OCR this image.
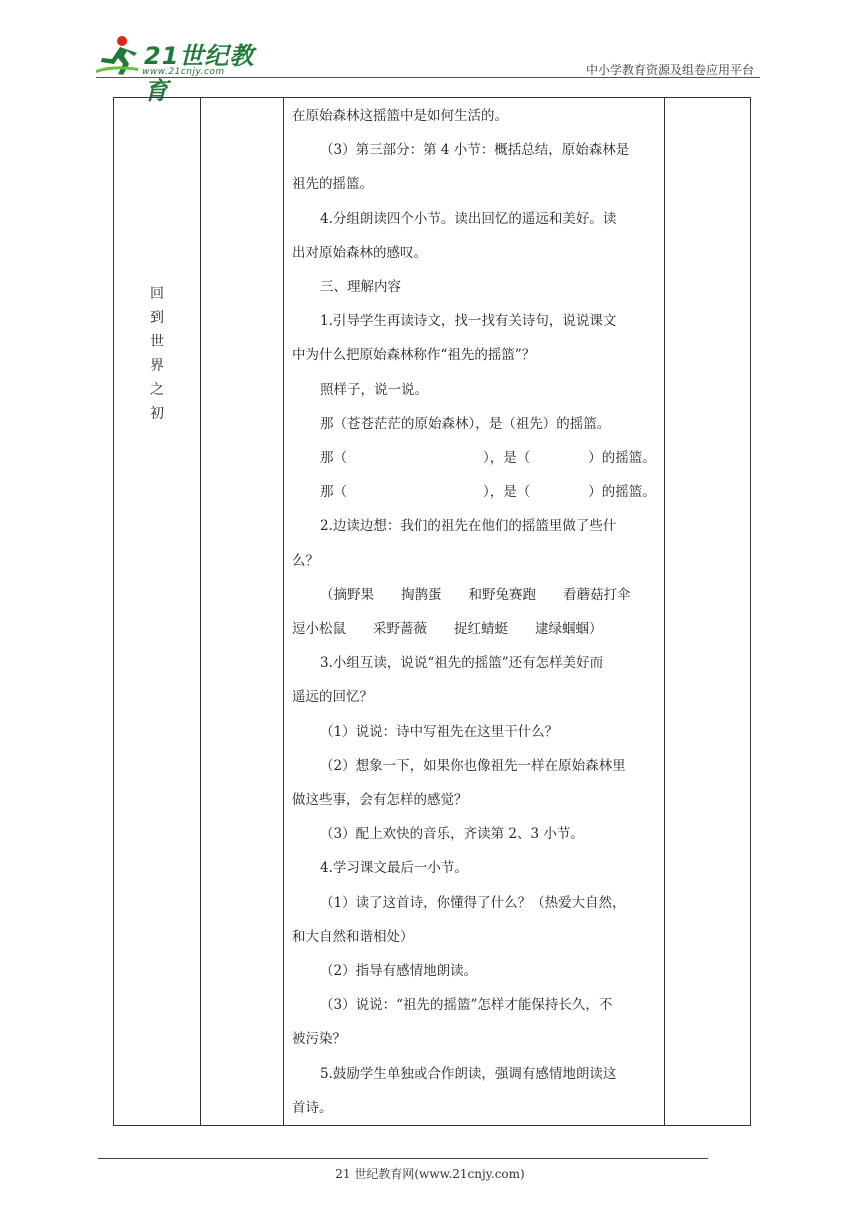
21世纪教育
www.21cnjy.com	中小学教育资源及组卷应用平台
回
到
世
界
之
初

在原始森林这摇篮中是如何生活的。

（3）第三部分：第 4 小节：概括总结，原始森林是

祖先的摇篮。

4.分组朗读四个小节。读出回忆的遥远和美好。读

出对原始森林的感叹。

三、理解内容

1.引导学生再读诗文，找一找有关诗句，说说课文

中为什么把原始森林称作“祖先的摇篮”？

照样子，说一说。

那（苍苍茫茫的原始森林），是（祖先）的摇篮。

那（	），是（	）的摇篮。

那（	），是（	）的摇篮。

2.边读边想：我们的祖先在他们的摇篮里做了些什

么？

（摘野果　　掏鹊蛋　　和野兔赛跑　　看蘑菇打伞

逗小松鼠　　采野蔷薇　　捉红蜻蜓　　逮绿蝈蝈）

3.小组互读，说说“祖先的摇篮”还有怎样美好而

遥远的回忆？

（1）说说：诗中写祖先在这里干什么？

（2）想象一下，如果你也像祖先一样在原始森林里

做这些事，会有怎样的感觉？

（3）配上欢快的音乐，齐读第 2、3 小节。

4.学习课文最后一小节。

（1）读了这首诗，你懂得了什么？（热爱大自然，

和大自然和谐相处）

（2）指导有感情地朗读。

（3）说说：“祖先的摇篮”怎样才能保持长久，不

被污染？

5.鼓励学生单独或合作朗读，强调有感情地朗读这

首诗。

21 世纪教育网(www.21cnjy.com)
